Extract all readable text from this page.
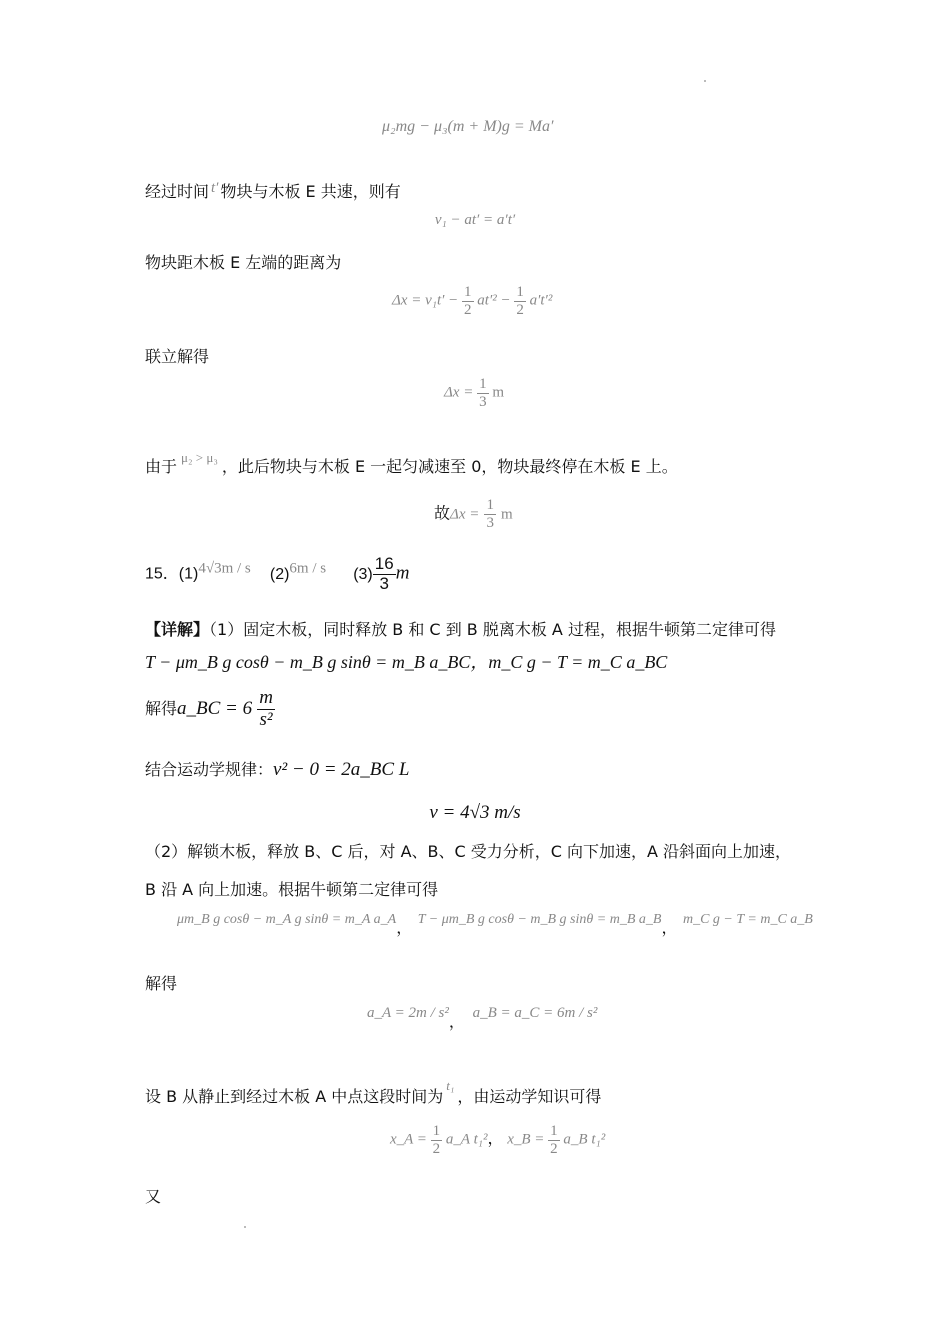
μ₂mg − μ₃(m + M)g = Ma′
经过时间 t′ 物块与木板 E 共速，则有
v₁ − at′ = a′t′
物块距木板 E 左端的距离为
$\Delta x = v_1t' - \frac{1}{2} at'^2 - \frac{1}{2} a't'^2$
联立解得
$\Delta x = \frac{1}{3}$ m
由于 $^{\mu_2 > \mu_3}$ ，此后物块与木板 E 一起匀减速至 0，物块最终停在木板 E 上。
故$\Delta x = \frac{1}{3}$ m
15．(1)4√3m / s (2)6m / s $(3) \frac{16}{3}$ m
【详解】（1）固定木板，同时释放 B 和 C 到 B 脱离木板 A 过程，根据牛顿第二定律可得
T − μm_B g cosθ − m_B g sinθ = m_B a_BC，m_C g − T = m_C a_BC
解得a_BC = $6 \frac{m}{\text{s²}}$
结合运动学规律：v² − 0 = 2a_BC L
v = 4√3 m/s
（2）解锁木板，释放 B、C 后，对 A、B、C 受力分析，C 向下加速，A 沿斜面向上加速，
B 沿 A 向上加速。根据牛顿第二定律可得
μm_B g cosθ − m_A g sinθ = m_A a_A， T − μm_B g cosθ − m_B g sinθ = m_B a_B， m_C g − T = m_C a_B
解得
a_A = 2m / s²， a_B = a_C = 6m / s²
设 B 从静止到经过木板 A 中点这段时间为$^{t_1}$，由运动学知识可得
x_A = $\frac{1}{2}$ a_A t₁²， x_B = $\frac{1}{2}$ a_B t₁²
又
